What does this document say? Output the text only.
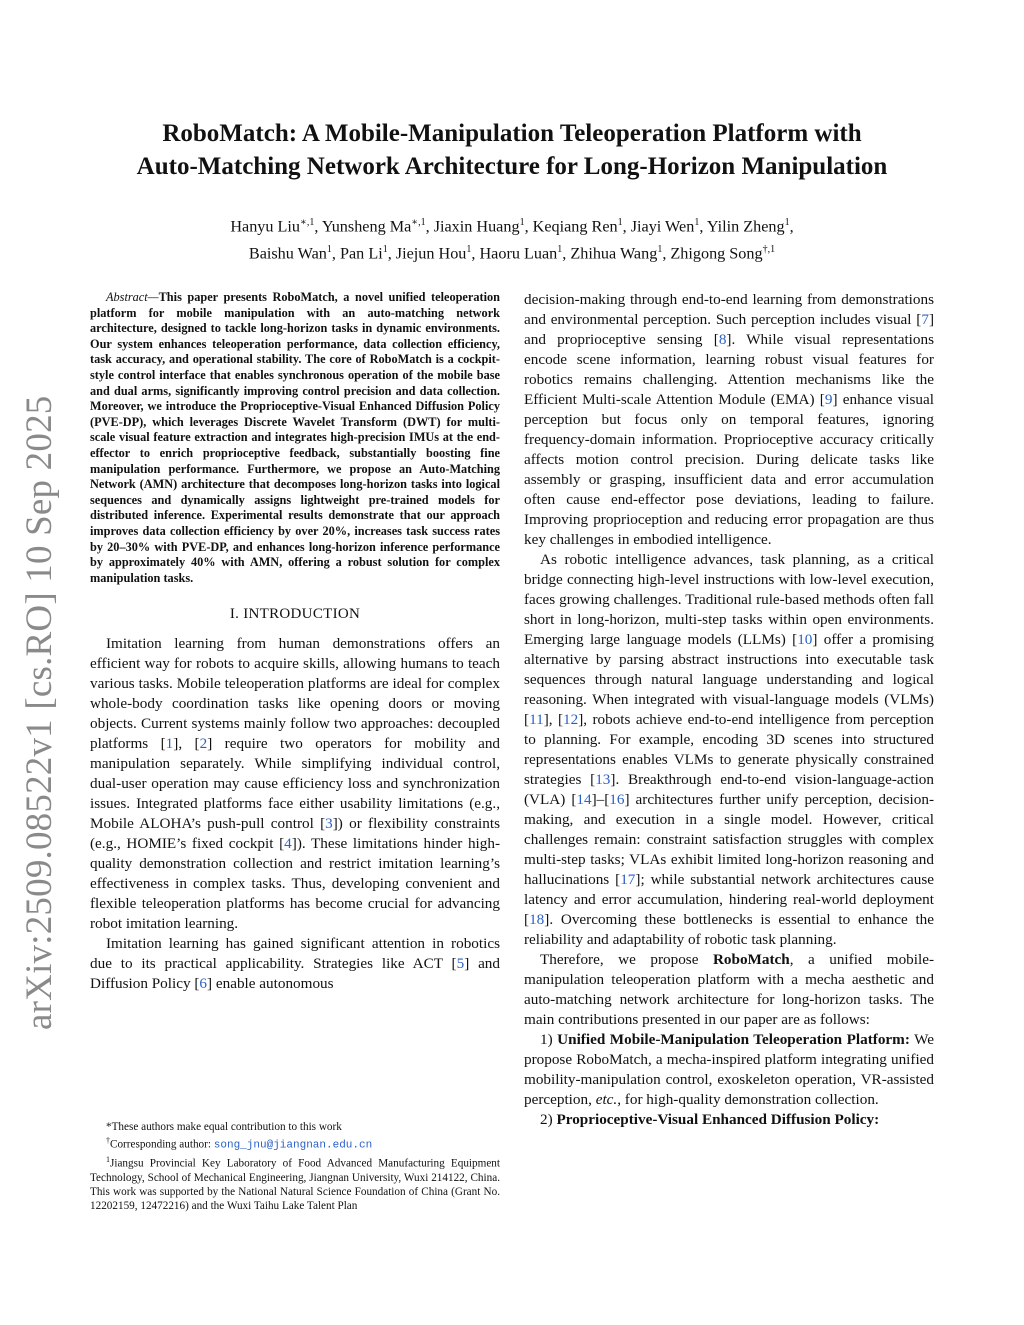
arXiv:2509.08522v1 [cs.RO] 10 Sep 2025
RoboMatch: A Mobile-Manipulation Teleoperation Platform with
Auto-Matching Network Architecture for Long-Horizon Manipulation
Hanyu Liu$^{∗,1}$, Yunsheng $Ma^{∗,1}$, Jiaxin Huang$^1$, Keqiang Ren$^1$, Jiayi Wen$^1$, Yilin Zheng$^1$,
Baishu Wan$^1$, Pan Li$^1$, Jiejun Hou$^1$, Haoru Luan$^1$, Zhihua Wang$^1$, Zhigong Song$^{\dagger,1}$

Abstract—This paper presents RoboMatch, a novel unified teleoperation platform for mobile manipulation with an auto-matching network architecture, designed to tackle long-horizon tasks in dynamic environments. Our system enhances teleoperation performance, data collection efficiency, task accuracy, and operational stability. The core of RoboMatch is a cockpit-style control interface that enables synchronous operation of the mobile base and dual arms, significantly improving control precision and data collection. Moreover, we introduce the Proprioceptive-Visual Enhanced Diffusion Policy (PVE-DP), which leverages Discrete Wavelet Transform (DWT) for multi-scale visual feature extraction and integrates high-precision IMUs at the end-effector to enrich proprioceptive feedback, substantially boosting fine manipulation performance. Furthermore, we propose an Auto-Matching Network (AMN) architecture that decomposes long-horizon tasks into logical sequences and dynamically assigns lightweight pre-trained models for distributed inference. Experimental results demonstrate that our approach improves data collection efficiency by over 20%, increases task success rates by 20–30% with PVE-DP, and enhances long-horizon inference performance by approximately 40% with AMN, offering a robust solution for complex manipulation tasks.

I. INTRODUCTION

Imitation learning from human demonstrations offers an efficient way for robots to acquire skills, allowing humans to teach various tasks. Mobile teleoperation platforms are ideal for complex whole-body coordination tasks like opening doors or moving objects. Current systems mainly follow two approaches: decoupled platforms [1], [2] require two operators for mobility and manipulation separately. While simplifying individual control, dual-user operation may cause efficiency loss and synchronization issues. Integrated platforms face either usability limitations (e.g., Mobile ALOHA’s push-pull control [3]) or flexibility constraints (e.g., HOMIE’s fixed cockpit [4]). These limitations hinder high-quality demonstration collection and restrict imitation learning’s effectiveness in complex tasks. Thus, developing convenient and flexible teleoperation platforms has become crucial for advancing robot imitation learning.

Imitation learning has gained significant attention in robotics due to its practical applicability. Strategies like ACT [5] and Diffusion Policy [6] enable autonomous

*These authors make equal contribution to this work

†Corresponding author: song_jnu@jiangnan.edu.cn

$^1$Jiangsu Provincial Key Laboratory of Food Advanced Manufacturing Equipment Technology, School of Mechanical Engineering, Jiangnan University, Wuxi 214122, China. This work was supported by the National Natural Science Foundation of China (Grant No. 12202159, 12472216) and the Wuxi Taihu Lake Talent Plan

decision-making through end-to-end learning from demonstrations and environmental perception. Such perception includes visual [7] and proprioceptive sensing [8]. While visual representations encode scene information, learning robust visual features for robotics remains challenging. Attention mechanisms like the Efficient Multi-scale Attention Module (EMA) [9] enhance visual perception but focus only on temporal features, ignoring frequency-domain information. Proprioceptive accuracy critically affects motion control precision. During delicate tasks like assembly or grasping, insufficient data and error accumulation often cause end-effector pose deviations, leading to failure. Improving proprioception and reducing error propagation are thus key challenges in embodied intelligence.

As robotic intelligence advances, task planning, as a critical bridge connecting high-level instructions with low-level execution, faces growing challenges. Traditional rule-based methods often fall short in long-horizon, multi-step tasks within open environments. Emerging large language models (LLMs) [10] offer a promising alternative by parsing abstract instructions into executable task sequences through natural language understanding and logical reasoning. When integrated with visual-language models (VLMs) [11], [12], robots achieve end-to-end intelligence from perception to planning. For example, encoding 3D scenes into structured representations enables VLMs to generate physically constrained strategies [13]. Breakthrough end-to-end vision-language-action (VLA) [14]–[16] architectures further unify perception, decision-making, and execution in a single model. However, critical challenges remain: constraint satisfaction struggles with complex multi-step tasks; VLAs exhibit limited long-horizon reasoning and hallucinations [17]; while substantial network architectures cause latency and error accumulation, hindering real-world deployment [18]. Overcoming these bottlenecks is essential to enhance the reliability and adaptability of robotic task planning.

Therefore, we propose RoboMatch, a unified mobile-manipulation teleoperation platform with a mecha aesthetic and auto-matching network architecture for long-horizon tasks. The main contributions presented in our paper are as follows:

1) Unified Mobile-Manipulation Teleoperation Platform: We propose RoboMatch, a mecha-inspired platform integrating unified mobility-manipulation control, exoskeleton operation, VR-assisted perception, etc., for high-quality demonstration collection.

2) Proprioceptive-Visual Enhanced Diffusion Policy:
